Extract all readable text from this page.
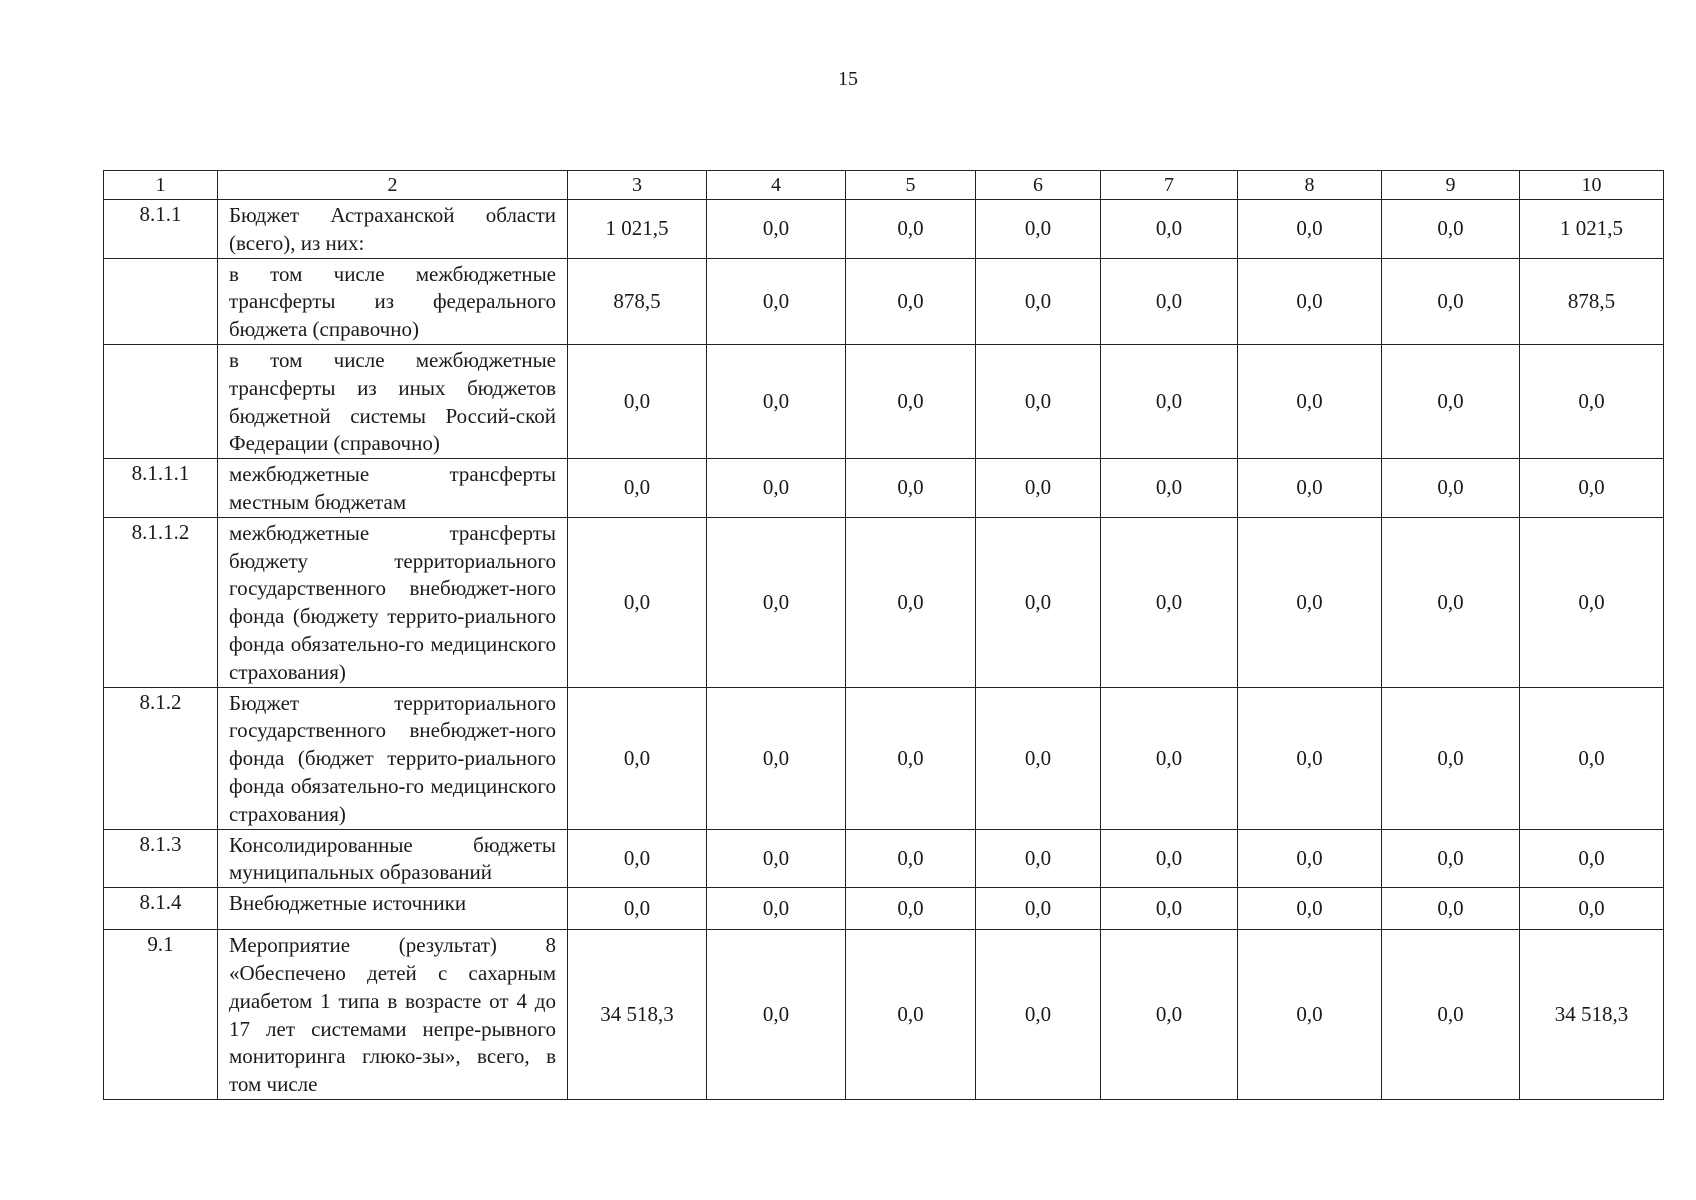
15
1	2	3	4	5	6	7	8	9	10
8.1.1	Бюджет Астраханской области (всего), из них:	1 021,5	0,0	0,0	0,0	0,0	0,0	0,0	1 021,5
	в том числе межбюджетные трансферты из федерального бюджета (справочно)	878,5	0,0	0,0	0,0	0,0	0,0	0,0	878,5
	в том числе межбюджетные трансферты из иных бюджетов бюджетной системы Россий-ской Федерации (справочно)	0,0	0,0	0,0	0,0	0,0	0,0	0,0	0,0
8.1.1.1	межбюджетные трансферты местным бюджетам	0,0	0,0	0,0	0,0	0,0	0,0	0,0	0,0
8.1.1.2	межбюджетные трансферты бюджету территориального государственного внебюджет-ного фонда (бюджету террито-риального фонда обязательно-го медицинского страхования)	0,0	0,0	0,0	0,0	0,0	0,0	0,0	0,0
8.1.2	Бюджет территориального государственного внебюджет-ного фонда (бюджет террито-риального фонда обязательно-го медицинского страхования)	0,0	0,0	0,0	0,0	0,0	0,0	0,0	0,0
8.1.3	Консолидированные бюджеты муниципальных образований	0,0	0,0	0,0	0,0	0,0	0,0	0,0	0,0
8.1.4	Внебюджетные источники	0,0	0,0	0,0	0,0	0,0	0,0	0,0	0,0
9.1	Мероприятие (результат) 8 «Обеспечено детей с сахарным диабетом 1 типа в возрасте от 4 до 17 лет системами непре-рывного мониторинга глюко-зы», всего, в том числе	34 518,3	0,0	0,0	0,0	0,0	0,0	0,0	34 518,3
